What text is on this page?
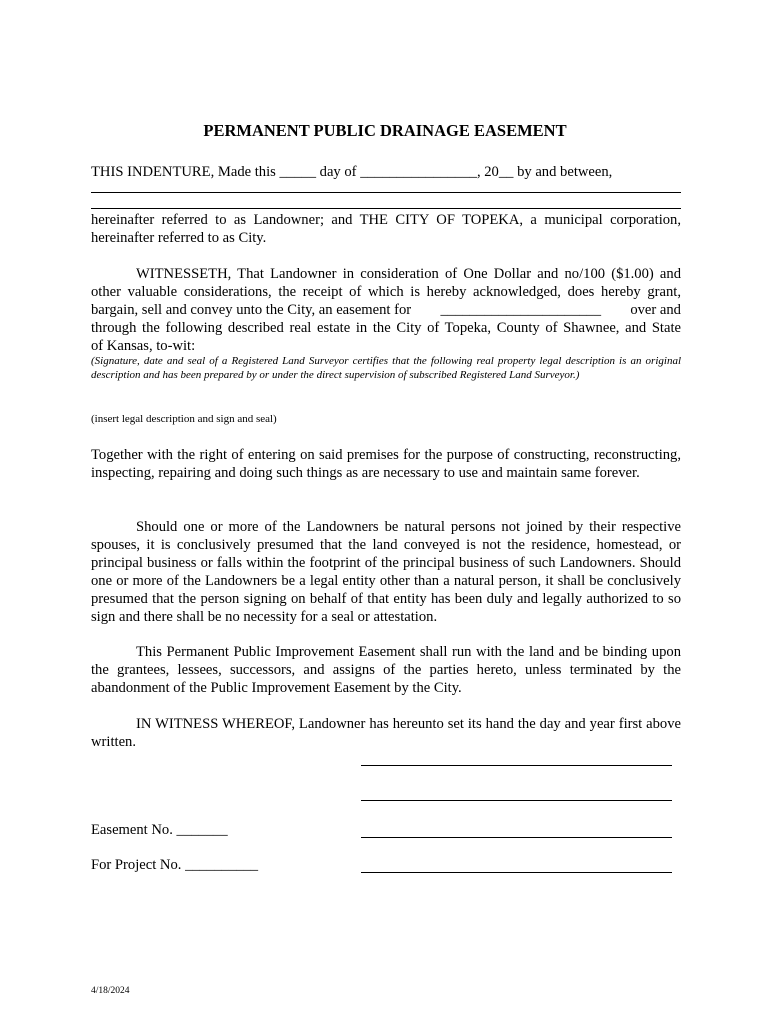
PERMANENT PUBLIC DRAINAGE EASEMENT
THIS INDENTURE, Made this _____ day of ________________, 20__ by and between,
hereinafter referred to as Landowner; and THE CITY OF TOPEKA, a municipal corporation,
hereinafter referred to as City.
WITNESSETH, That Landowner in consideration of One Dollar and no/100 ($1.00) and
other valuable considerations, the receipt of which is hereby acknowledged, does hereby grant,
bargain, sell and convey unto the City, an easement for ______________________ over and
through the following described real estate in the City of Topeka, County of Shawnee, and State
of Kansas, to-wit:
(Signature, date and seal of a Registered Land Surveyor certifies that the following real property legal description is an original description and has been prepared by or under the direct supervision of subscribed Registered Land Surveyor.)
(insert legal description and sign and seal)
Together with the right of entering on said premises for the purpose of constructing, reconstructing, inspecting, repairing and doing such things as are necessary to use and maintain same forever.
Should one or more of the Landowners be natural persons not joined by their respective spouses, it is conclusively presumed that the land conveyed is not the residence, homestead, or principal business or falls within the footprint of the principal business of such Landowners. Should one or more of the Landowners be a legal entity other than a natural person, it shall be conclusively presumed that the person signing on behalf of that entity has been duly and legally authorized to so sign and there shall be no necessity for a seal or attestation.
This Permanent Public Improvement Easement shall run with the land and be binding upon the grantees, lessees, successors, and assigns of the parties hereto, unless terminated by the abandonment of the Public Improvement Easement by the City.
IN WITNESS WHEREOF, Landowner has hereunto set its hand the day and year first above written.
Easement No. _______
For Project No. __________
4/18/2024
